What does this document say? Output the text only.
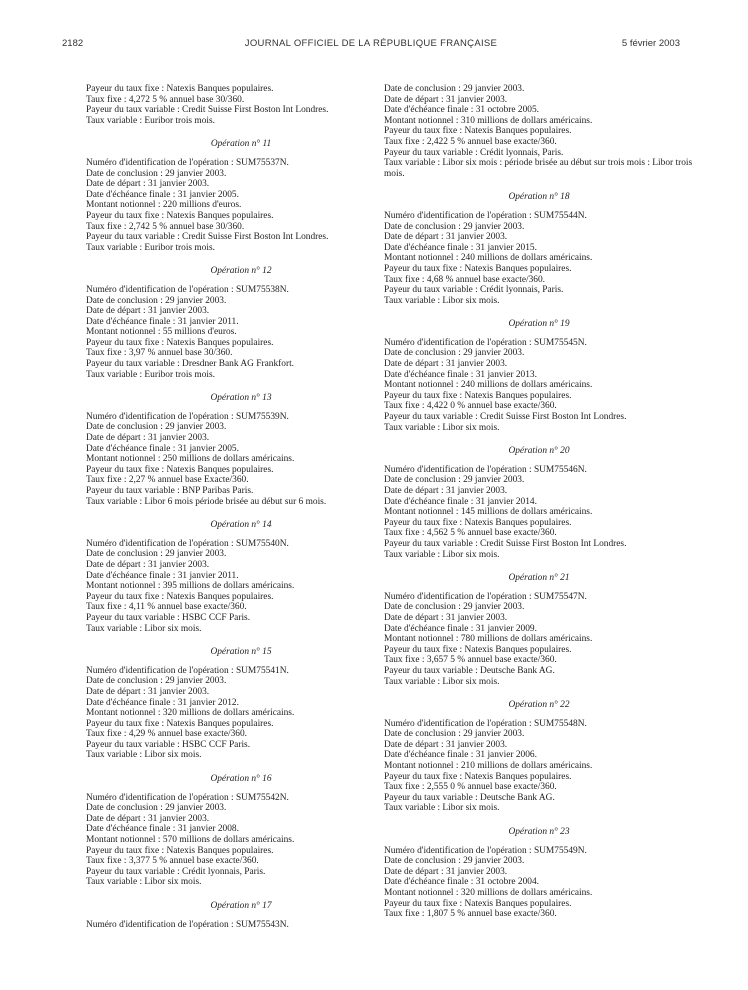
2182	JOURNAL OFFICIEL DE LA RÉPUBLIQUE FRANÇAISE	5 février 2003
Payeur du taux fixe : Natexis Banques populaires.
Taux fixe : 4,272 5 % annuel base 30/360.
Payeur du taux variable : Credit Suisse First Boston Int Londres.
Taux variable : Euribor trois mois.
Opération n° 11
Numéro d'identification de l'opération : SUM75537N.
Date de conclusion : 29 janvier 2003.
Date de départ : 31 janvier 2003.
Date d'échéance finale : 31 janvier 2005.
Montant notionnel : 220 millions d'euros.
Payeur du taux fixe : Natexis Banques populaires.
Taux fixe : 2,742 5 % annuel base 30/360.
Payeur du taux variable : Credit Suisse First Boston Int Londres.
Taux variable : Euribor trois mois.
Opération n° 12
Numéro d'identification de l'opération : SUM75538N.
Date de conclusion : 29 janvier 2003.
Date de départ : 31 janvier 2003.
Date d'échéance finale : 31 janvier 2011.
Montant notionnel : 55 millions d'euros.
Payeur du taux fixe : Natexis Banques populaires.
Taux fixe : 3,97 % annuel base 30/360.
Payeur du taux variable : Dresdner Bank AG Frankfort.
Taux variable : Euribor trois mois.
Opération n° 13
Numéro d'identification de l'opération : SUM75539N.
Date de conclusion : 29 janvier 2003.
Date de départ : 31 janvier 2003.
Date d'échéance finale : 31 janvier 2005.
Montant notionnel : 250 millions de dollars américains.
Payeur du taux fixe : Natexis Banques populaires.
Taux fixe : 2,27 % annuel base Exacte/360.
Payeur du taux variable : BNP Paribas Paris.
Taux variable : Libor 6 mois période brisée au début sur 6 mois.
Opération n° 14
Numéro d'identification de l'opération : SUM75540N.
Date de conclusion : 29 janvier 2003.
Date de départ : 31 janvier 2003.
Date d'échéance finale : 31 janvier 2011.
Montant notionnel : 395 millions de dollars américains.
Payeur du taux fixe : Natexis Banques populaires.
Taux fixe : 4,11 % annuel base exacte/360.
Payeur du taux variable : HSBC CCF Paris.
Taux variable : Libor six mois.
Opération n° 15
Numéro d'identification de l'opération : SUM75541N.
Date de conclusion : 29 janvier 2003.
Date de départ : 31 janvier 2003.
Date d'échéance finale : 31 janvier 2012.
Montant notionnel : 320 millions de dollars américains.
Payeur du taux fixe : Natexis Banques populaires.
Taux fixe : 4,29 % annuel base exacte/360.
Payeur du taux variable : HSBC CCF Paris.
Taux variable : Libor six mois.
Opération n° 16
Numéro d'identification de l'opération : SUM75542N.
Date de conclusion : 29 janvier 2003.
Date de départ : 31 janvier 2003.
Date d'échéance finale : 31 janvier 2008.
Montant notionnel : 570 millions de dollars américains.
Payeur du taux fixe : Natexis Banques populaires.
Taux fixe : 3,377 5 % annuel base exacte/360.
Payeur du taux variable : Crédit lyonnais, Paris.
Taux variable : Libor six mois.
Opération n° 17
Numéro d'identification de l'opération : SUM75543N.
Date de conclusion : 29 janvier 2003.
Date de départ : 31 janvier 2003.
Date d'échéance finale : 31 octobre 2005.
Montant notionnel : 310 millions de dollars américains.
Payeur du taux fixe : Natexis Banques populaires.
Taux fixe : 2,422 5 % annuel base exacte/360.
Payeur du taux variable : Crédit lyonnais, Paris.
Taux variable : Libor six mois : période brisée au début sur trois mois : Libor trois mois.
Opération n° 18
Numéro d'identification de l'opération : SUM75544N.
Date de conclusion : 29 janvier 2003.
Date de départ : 31 janvier 2003.
Date d'échéance finale : 31 janvier 2015.
Montant notionnel : 240 millions de dollars américains.
Payeur du taux fixe : Natexis Banques populaires.
Taux fixe : 4,68 % annuel base exacte/360.
Payeur du taux variable : Crédit lyonnais, Paris.
Taux variable : Libor six mois.
Opération n° 19
Numéro d'identification de l'opération : SUM75545N.
Date de conclusion : 29 janvier 2003.
Date de départ : 31 janvier 2003.
Date d'échéance finale : 31 janvier 2013.
Montant notionnel : 240 millions de dollars américains.
Payeur du taux fixe : Natexis Banques populaires.
Taux fixe : 4,422 0 % annuel base exacte/360.
Payeur du taux variable : Credit Suisse First Boston Int Londres.
Taux variable : Libor six mois.
Opération n° 20
Numéro d'identification de l'opération : SUM75546N.
Date de conclusion : 29 janvier 2003.
Date de départ : 31 janvier 2003.
Date d'échéance finale : 31 janvier 2014.
Montant notionnel : 145 millions de dollars américains.
Payeur du taux fixe : Natexis Banques populaires.
Taux fixe : 4,562 5 % annuel base exacte/360.
Payeur du taux variable : Credit Suisse First Boston Int Londres.
Taux variable : Libor six mois.
Opération n° 21
Numéro d'identification de l'opération : SUM75547N.
Date de conclusion : 29 janvier 2003.
Date de départ : 31 janvier 2003.
Date d'échéance finale : 31 janvier 2009.
Montant notionnel : 780 millions de dollars américains.
Payeur du taux fixe : Natexis Banques populaires.
Taux fixe : 3,657 5 % annuel base exacte/360.
Payeur du taux variable : Deutsche Bank AG.
Taux variable : Libor six mois.
Opération n° 22
Numéro d'identification de l'opération : SUM75548N.
Date de conclusion : 29 janvier 2003.
Date de départ : 31 janvier 2003.
Date d'échéance finale : 31 janvier 2006.
Montant notionnel : 210 millions de dollars américains.
Payeur du taux fixe : Natexis Banques populaires.
Taux fixe : 2,555 0 % annuel base exacte/360.
Payeur du taux variable : Deutsche Bank AG.
Taux variable : Libor six mois.
Opération n° 23
Numéro d'identification de l'opération : SUM75549N.
Date de conclusion : 29 janvier 2003.
Date de départ : 31 janvier 2003.
Date d'échéance finale : 31 octobre 2004.
Montant notionnel : 320 millions de dollars américains.
Payeur du taux fixe : Natexis Banques populaires.
Taux fixe : 1,807 5 % annuel base exacte/360.
